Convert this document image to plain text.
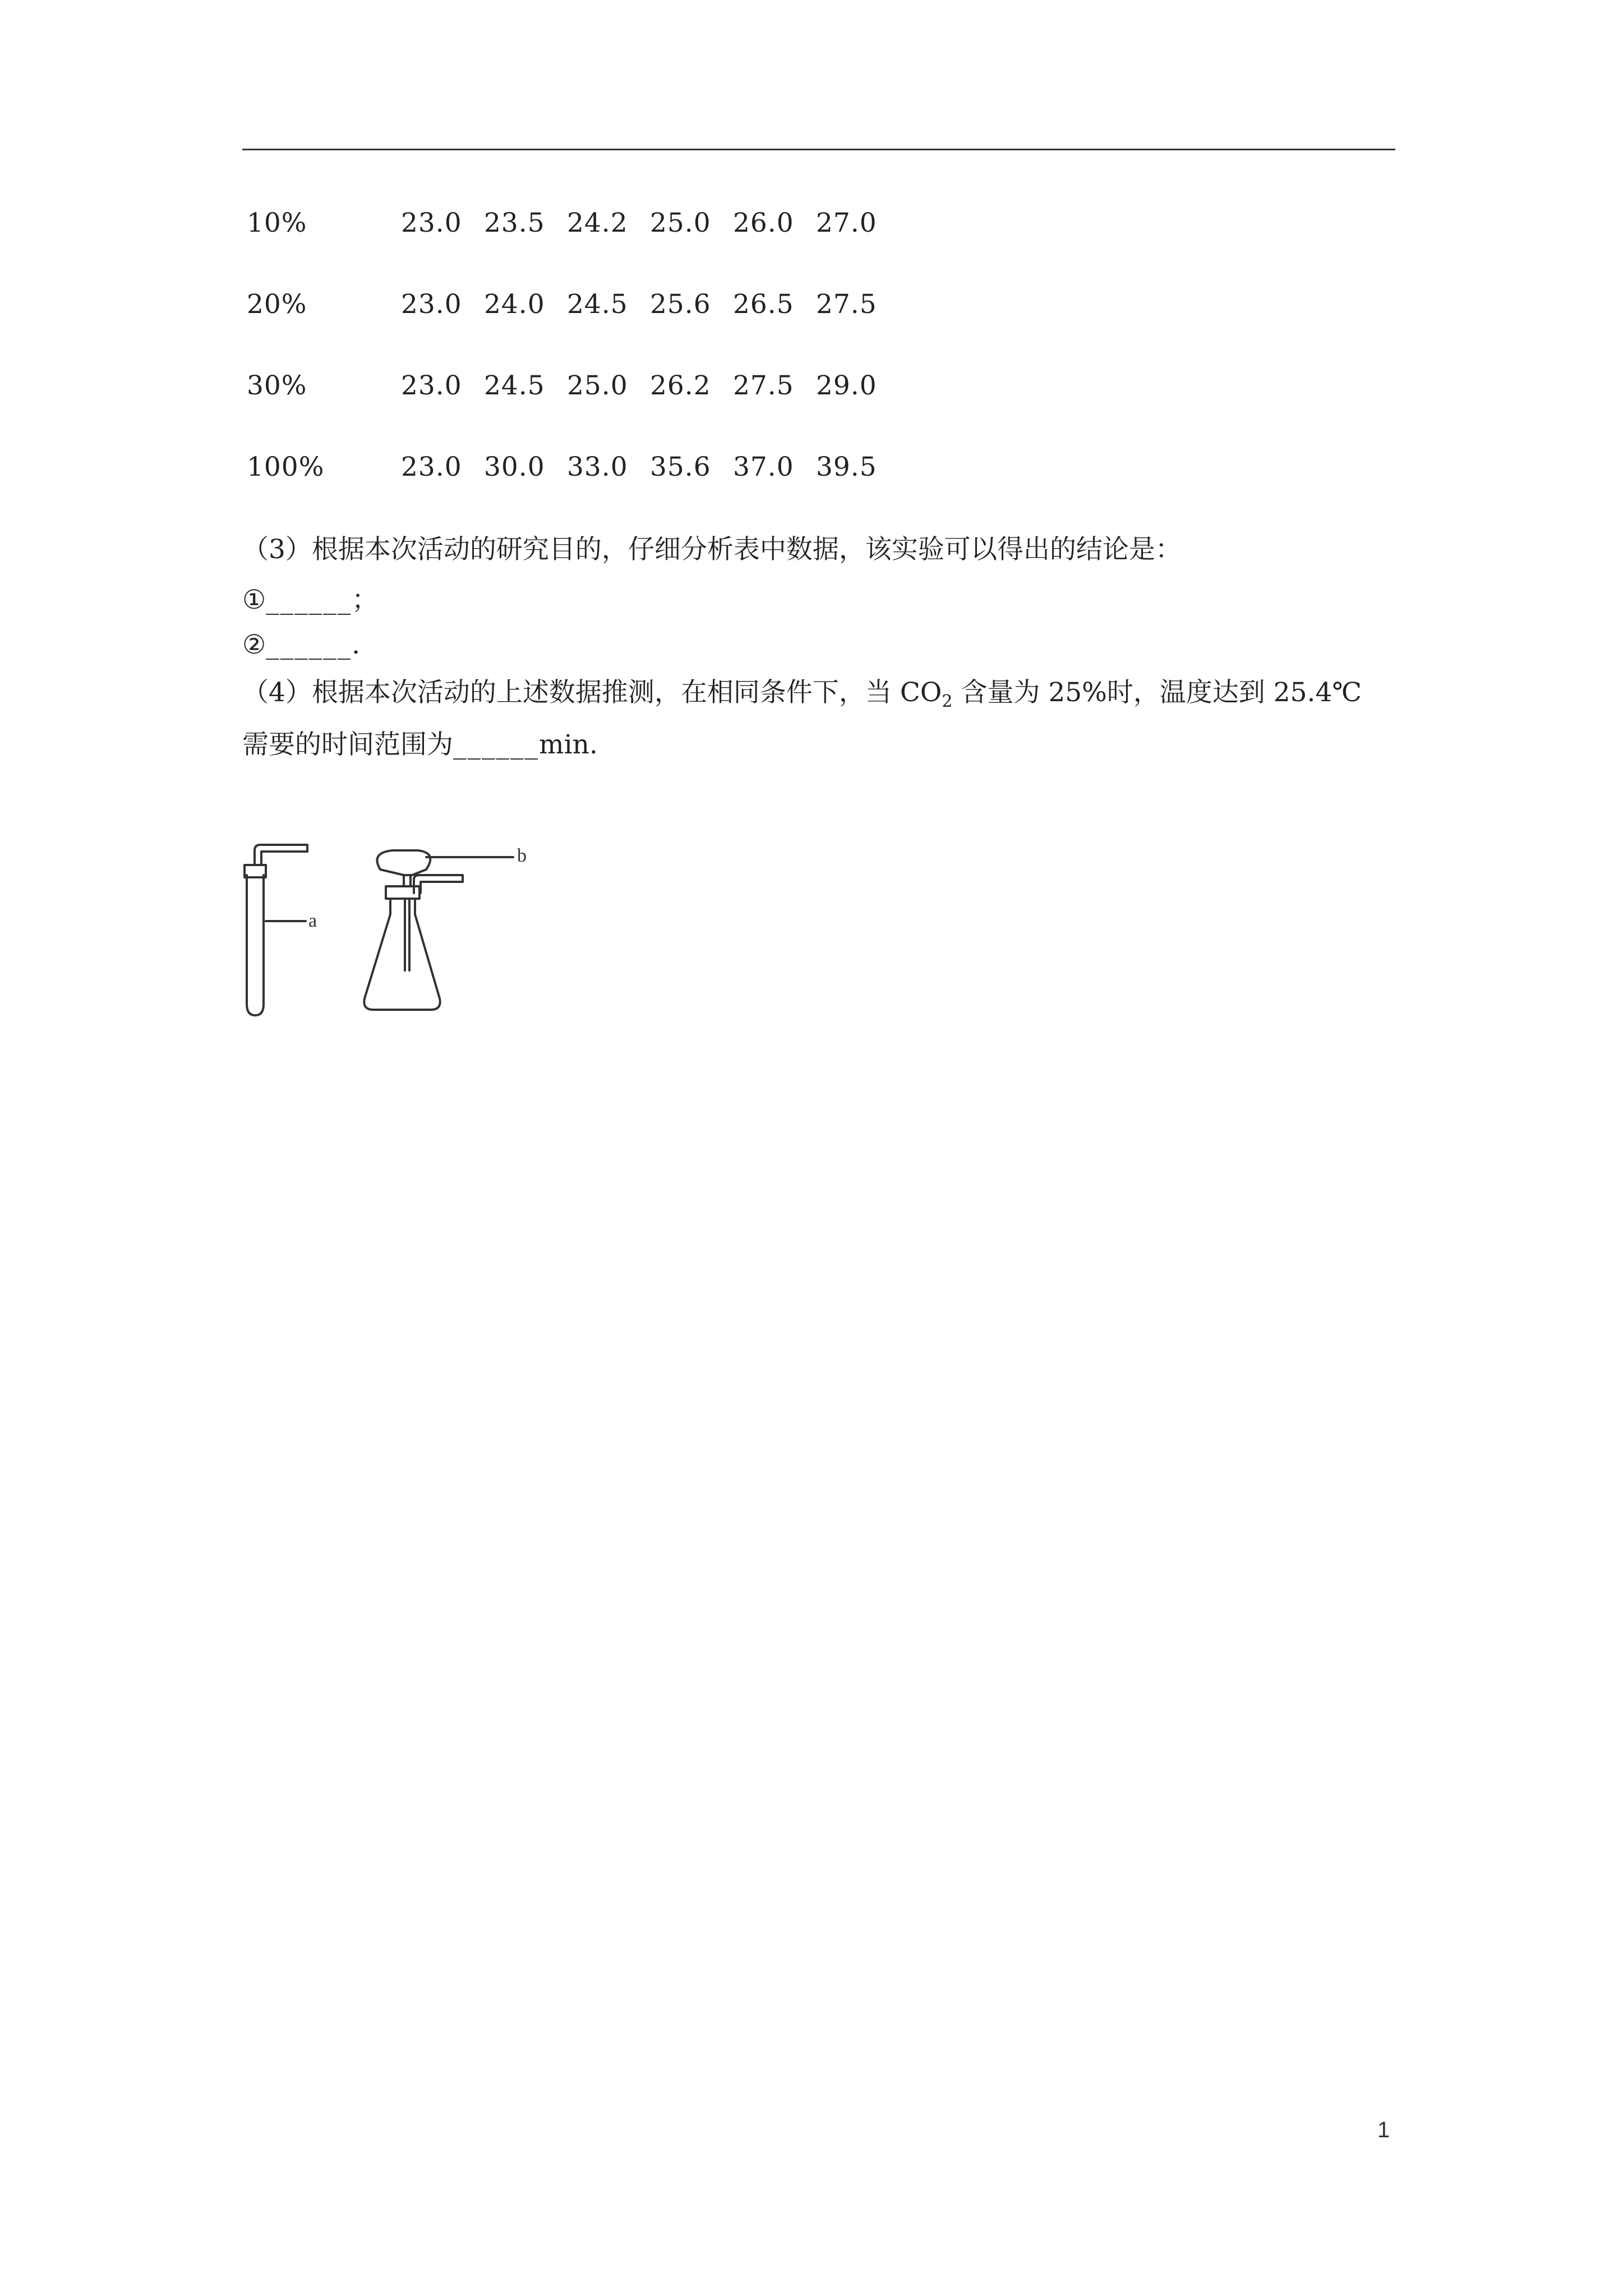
10%	23.0 23.5 24.2 25.0 26.0 27.0
20%	23.0 24.0 24.5 25.6 26.5 27.5
30%	23.0 24.5 25.0 26.2 27.5 29.0
100%	23.0 30.0 33.0 35.6 37.0 39.5
（3）根据本次活动的研究目的，仔细分析表中数据，该实验可以得出的结论是：
①______；
②______.
（4）根据本次活动的上述数据推测，在相同条件下，当 $CO_2$ 含量为 25%时，温度达到 25.4℃
需要的时间范围为______min.
a
b
1
